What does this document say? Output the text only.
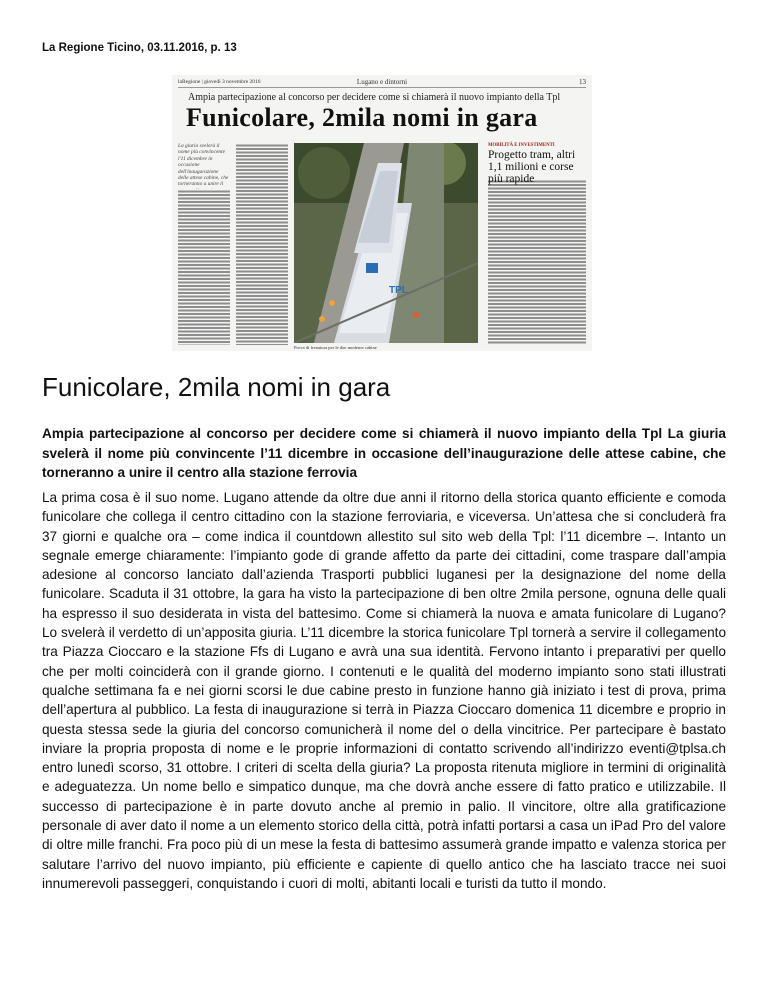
La Regione Ticino, 03.11.2016, p. 13
laRegione | giovedì 3 novembre 2016	Lugano e dintorni	13
Ampia partecipazione al concorso per decidere come si chiamerà il nuovo impianto della Tpl
Funicolare, 2mila nomi in gara
La giuria svelerà il nome più convincente l'11 dicembre in occasione dell'inaugurazione delle attese cabine, che torneranno a unire il
TPL
Prova di frenatura per le due moderne cabine
MOBILITÀ E INVESTIMENTI
Progetto tram, altri 1,1 milioni e corse più rapide
Funicolare, 2mila nomi in gara

Ampia partecipazione al concorso per decidere come si chiamerà il nuovo impianto della Tpl La giuria svelerà il nome più convincente l’11 dicembre in occasione dell’inaugurazione delle attese cabine, che torneranno a unire il centro alla stazione ferrovia

La prima cosa è il suo nome. Lugano attende da oltre due anni il ritorno della storica quanto efficiente e comoda funicolare che collega il centro cittadino con la stazione ferroviaria, e viceversa. Un’attesa che si concluderà fra 37 giorni e qualche ora – come indica il countdown allestito sul sito web della Tpl: l’11 dicembre –. Intanto un segnale emerge chiaramente: l’impianto gode di grande affetto da parte dei cittadini, come traspare dall’ampia adesione al concorso lanciato dall’azienda Trasporti pubblici luganesi per la designazione del nome della funicolare. Scaduta il 31 ottobre, la gara ha visto la partecipazione di ben oltre 2mila persone, ognuna delle quali ha espresso il suo desiderata in vista del battesimo. Come si chiamerà la nuova e amata funicolare di Lugano? Lo svelerà il verdetto di un’apposita giuria. L’11 dicembre la storica funicolare Tpl tornerà a servire il collegamento tra Piazza Cioccaro e la stazione Ffs di Lugano e avrà una sua identità. Fervono intanto i preparativi per quello che per molti coinciderà con il grande giorno. I contenuti e le qualità del moderno impianto sono stati illustrati qualche settimana fa e nei giorni scorsi le due cabine presto in funzione hanno già iniziato i test di prova, prima dell’apertura al pubblico. La festa di inaugurazione si terrà in Piazza Cioccaro domenica 11 dicembre e proprio in questa stessa sede la giuria del concorso comunicherà il nome del o della vincitrice. Per partecipare è bastato inviare la propria proposta di nome e le proprie informazioni di contatto scrivendo all’indirizzo eventi@tplsa.ch entro lunedì scorso, 31 ottobre. I criteri di scelta della giuria? La proposta ritenuta migliore in termini di originalità e adeguatezza. Un nome bello e simpatico dunque, ma che dovrà anche essere di fatto pratico e utilizzabile. Il successo di partecipazione è in parte dovuto anche al premio in palio. Il vincitore, oltre alla gratificazione personale di aver dato il nome a un elemento storico della città, potrà infatti portarsi a casa un iPad Pro del valore di oltre mille franchi. Fra poco più di un mese la festa di battesimo assumerà grande impatto e valenza storica per salutare l’arrivo del nuovo impianto, più efficiente e capiente di quello antico che ha lasciato tracce nei suoi innumerevoli passeggeri, conquistando i cuori di molti, abitanti locali e turisti da tutto il mondo.
